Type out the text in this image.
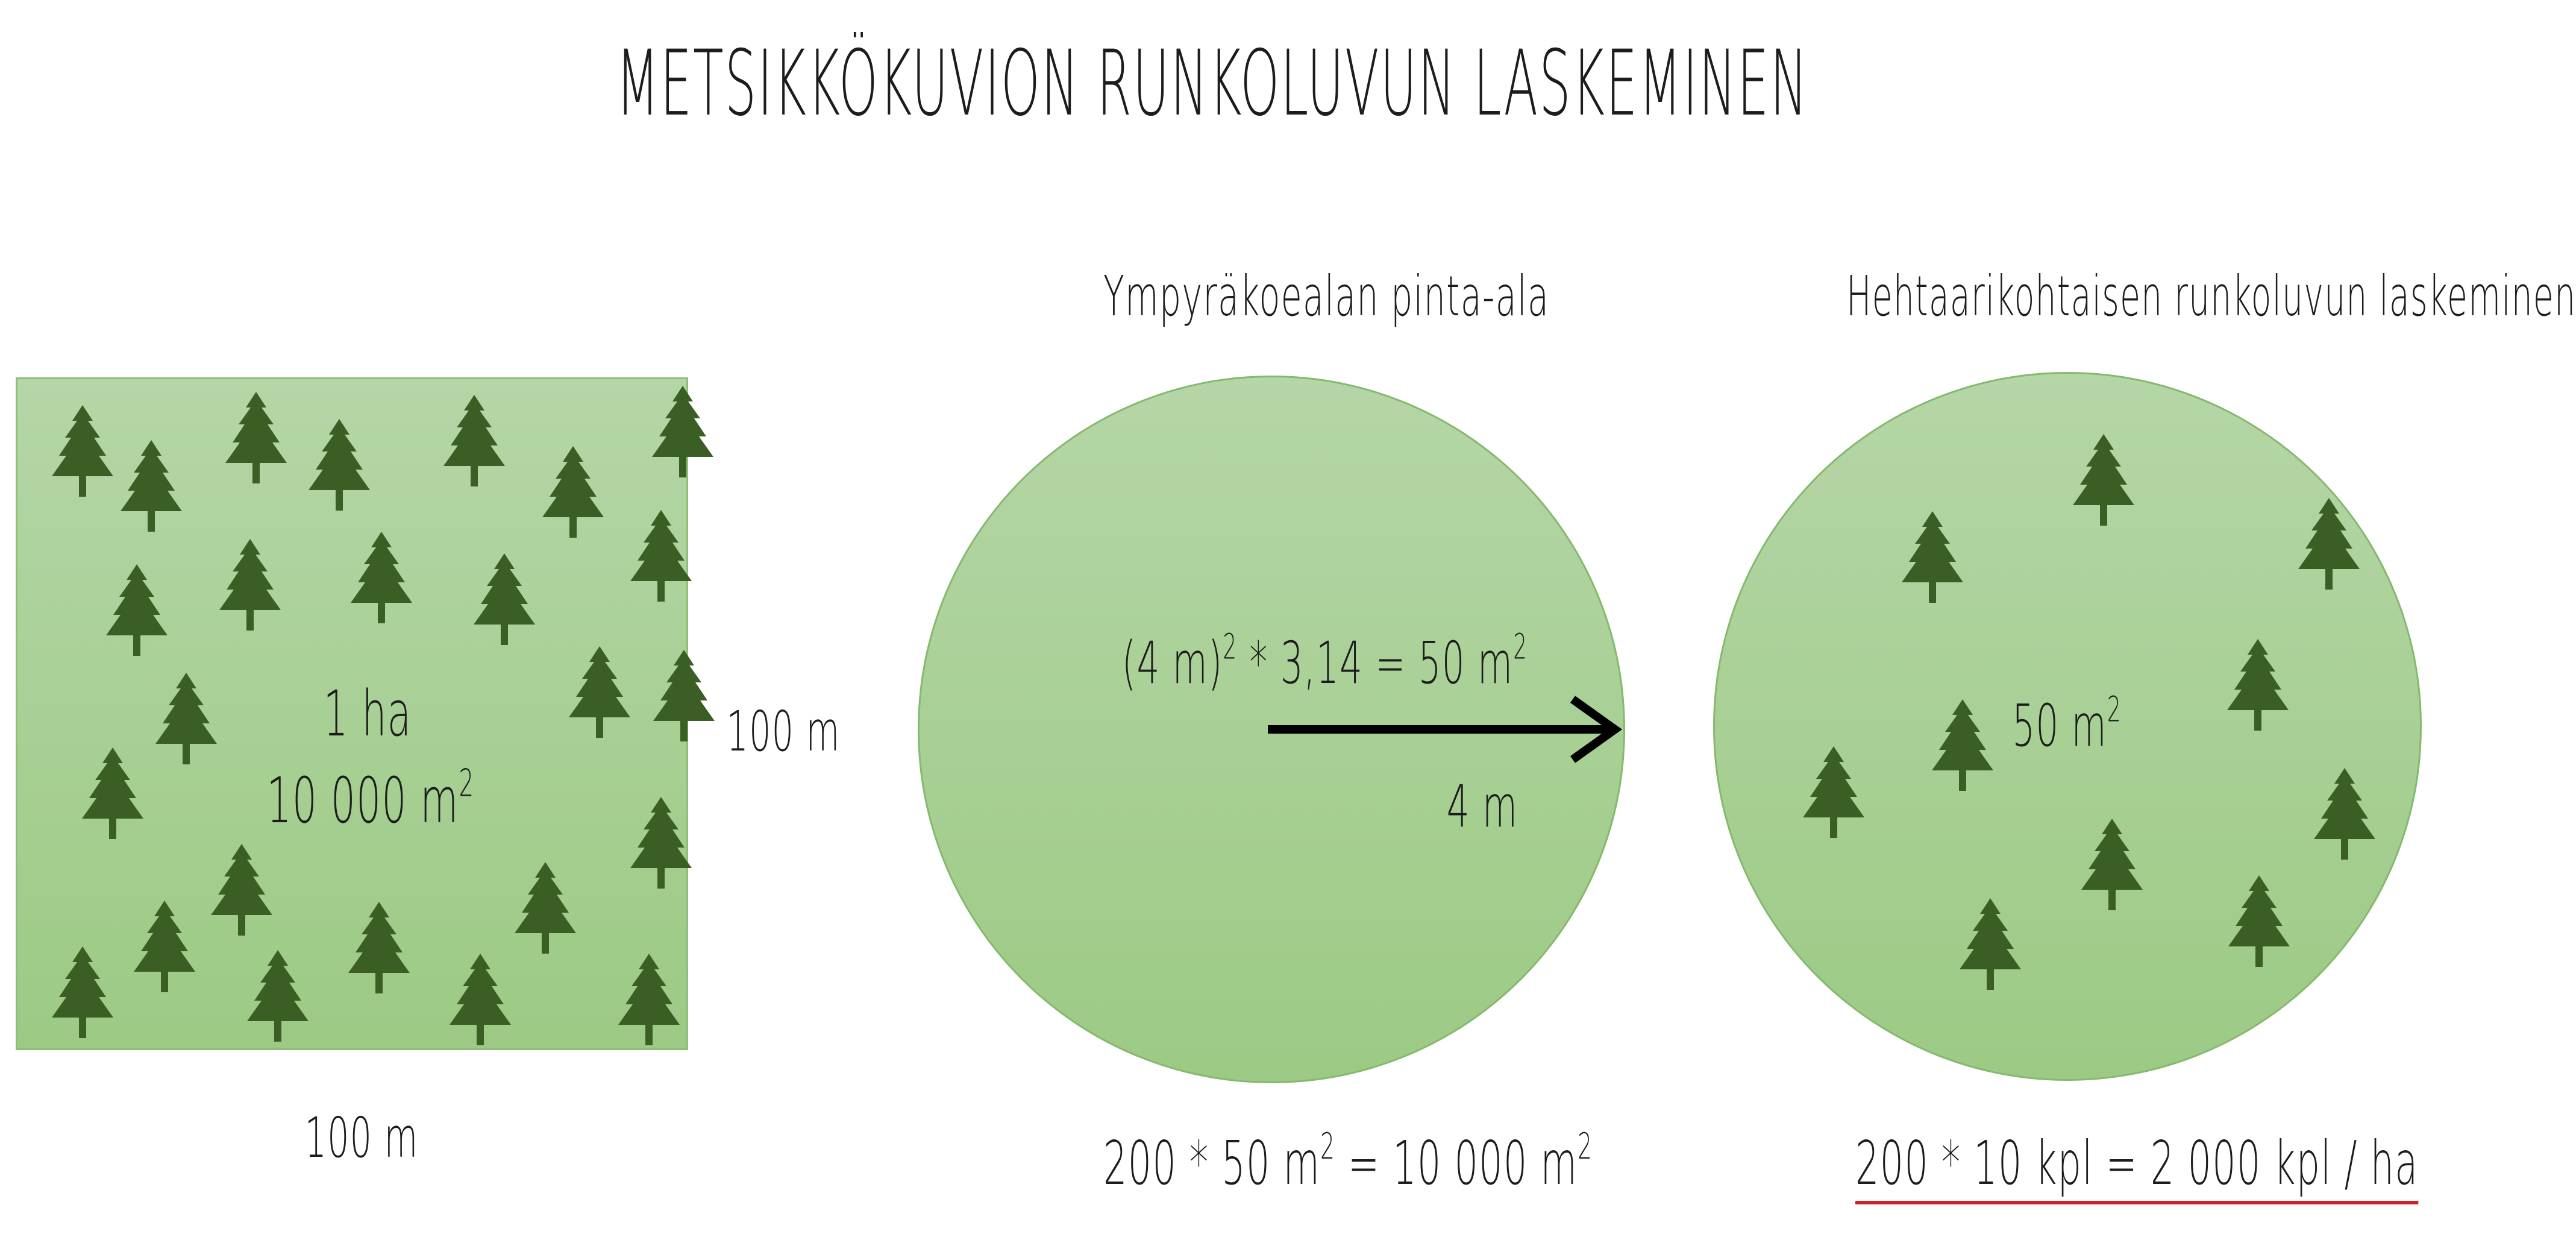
METSIKKÖKUVION RUNKOLUVUN LASKEMINEN
1 ha
10 000 $m^2$
100 m
100 m
Ympyräkoealan pinta-ala
(4 m)$^2$ * 3,14 = 50 $m^2$
4 m
200 * 50 $m^2 = 10$ 000 $m^2$
Hehtaarikohtaisen runkoluvun laskeminen
50 $m^2$
200 * 10 kpl = 2 000 kpl / ha
